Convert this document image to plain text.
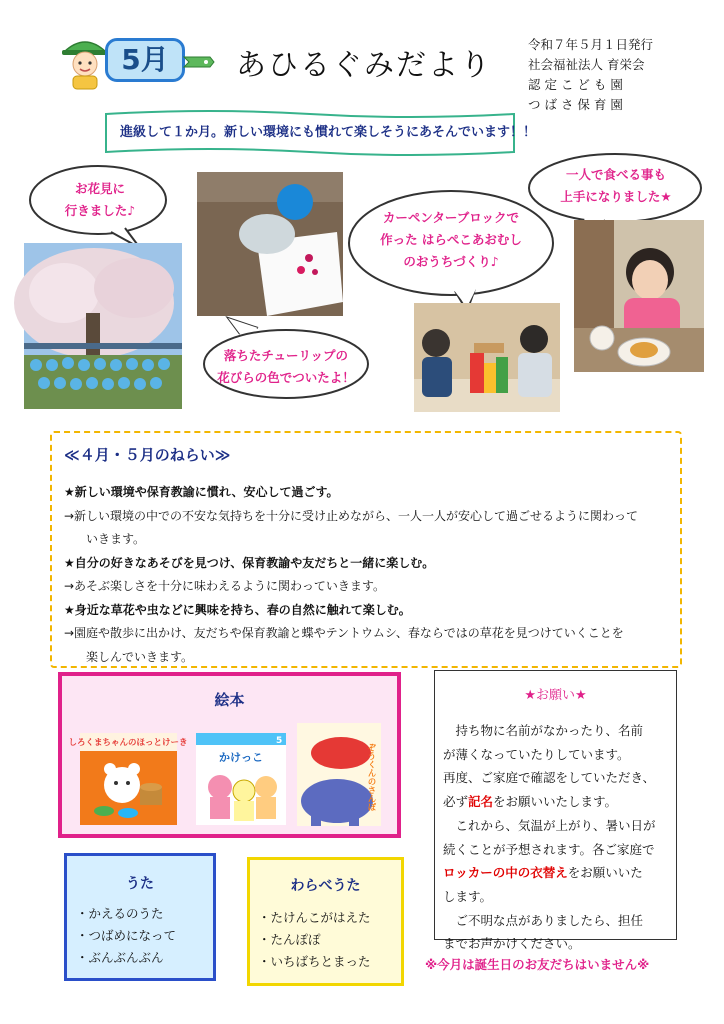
5月	あひるぐみだより
令和７年５月１日発行
社会福祉法人 育栄会
認 定 こ ど も 園
つ ば さ 保 育 園
進級して１か月。新しい環境にも慣れて楽しそうにあそんでいます！！
お花見に
行きました♪
落ちたチューリップの
花びらの色でついたよ！
カーペンターブロックで
作った はらぺこあおむし
のおうちづくり♪
一人で食べる事も
上手になりました★
≪４月・５月のねらい≫
★新しい環境や保育教諭に慣れ、安心して過ごす。
→新しい環境の中での不安な気持ちを十分に受け止めながら、一人一人が安心して過ごせるように関わって
いきます。
★自分の好きなあそびを見つけ、保育教諭や友だちと一緒に楽しむ。
→あそぶ楽しさを十分に味わえるように関わっていきます。
★身近な草花や虫などに興味を持ち、春の自然に触れて楽しむ。
→園庭や散歩に出かけ、友だちや保育教諭と蝶やテントウムシ、春ならではの草花を見つけていくことを
楽しんでいきます。
絵本
しろくまちゃんのほっとけーき	5
かけっこ	ぞうくんのさんぽ
うた
・かえるのうた
・つばめになって
・ぶんぶんぶん
わらべうた
・たけんこがはえた
・たんぽぽ
・いちばちとまった
★お願い★
　持ち物に名前がなかったり、名前
が薄くなっていたりしています。
再度、ご家庭で確認をしていただき、
必ず記名をお願いいたします。
　これから、気温が上がり、暑い日が
続くことが予想されます。各ご家庭で
ロッカーの中の衣替えをお願いいた
します。
　ご不明な点がありましたら、担任
までお声かけください。
※今月は誕生日のお友だちはいません※
